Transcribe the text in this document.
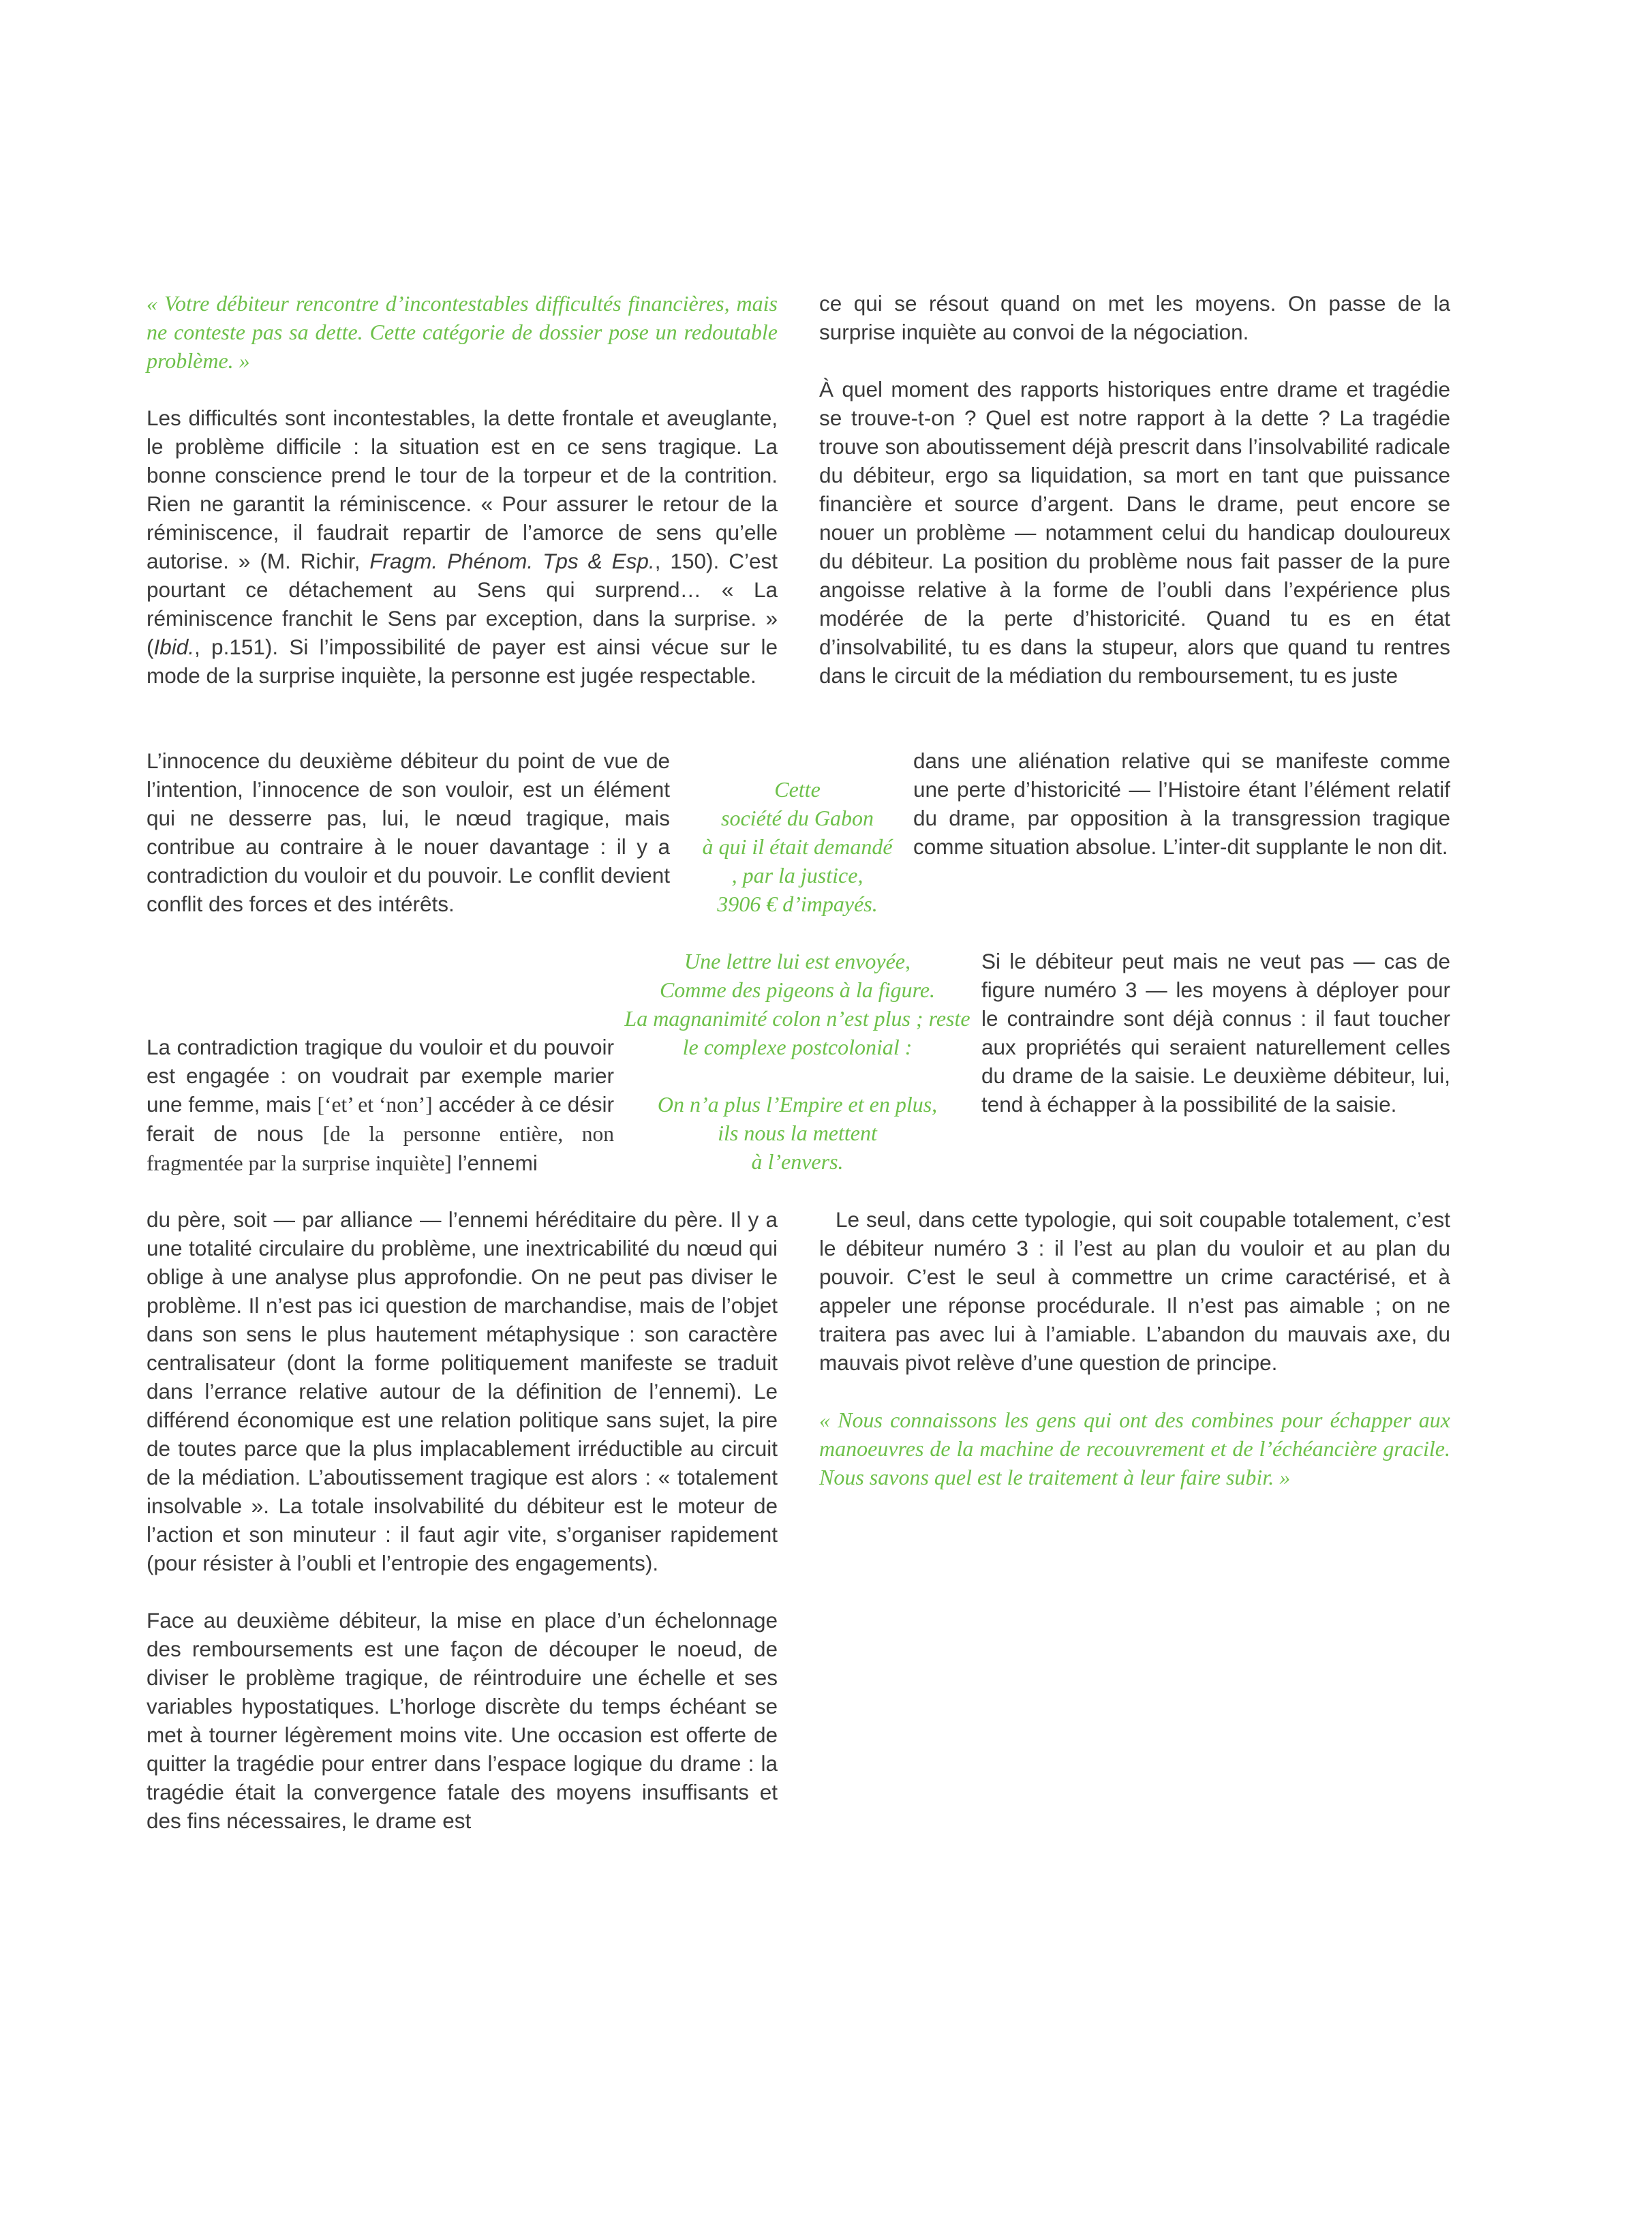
« Votre débiteur rencontre d’incontestables difficultés financières, mais ne conteste pas sa dette. Cette catégorie de dossier pose un redoutable problème. »

Les difficultés sont incontestables, la dette frontale et aveuglante, le problème difficile : la situation est en ce sens tragique. La bonne conscience prend le tour de la torpeur et de la contrition. Rien ne garantit la réminiscence. « Pour assurer le retour de la réminiscence, il faudrait repartir de l’amorce de sens qu’elle autorise. » (M. Richir, Fragm. Phénom. Tps & Esp., 150). C’est pourtant ce détachement au Sens qui surprend… « La réminiscence franchit le Sens par exception, dans la surprise. » (Ibid., p.151). Si l’impossibilité de payer est ainsi vécue sur le mode de la surprise inquiète, la personne est jugée respectable.

L’innocence du deuxième débiteur du point de vue de l’intention, l’innocence de son vouloir, est un élément qui ne desserre pas, lui, le nœud tragique, mais contribue au contraire à le nouer davantage : il y a contradiction du vouloir et du pouvoir. Le conflit devient conflit des forces et des intérêts.

La contradiction tragique du vouloir et du pouvoir est engagée : on voudrait par exemple marier une femme, mais [‘et’ et ‘non’] accéder à ce désir ferait de nous [de la personne entière, non fragmentée par la surprise inquiète] l’ennemi

du père, soit — par alliance — l’ennemi héréditaire du père. Il y a une totalité circulaire du problème, une inextricabilité du nœud qui oblige à une analyse plus approfondie. On ne peut pas diviser le problème. Il n’est pas ici question de marchandise, mais de l’objet dans son sens le plus hautement métaphysique : son caractère centralisateur (dont la forme politiquement manifeste se traduit dans l’errance relative autour de la définition de l’ennemi). Le différend économique est une relation politique sans sujet, la pire de toutes parce que la plus implacablement irréductible au circuit de la médiation. L’aboutissement tragique est alors : « totalement insolvable ». La totale insolvabilité du débiteur est le moteur de l’action et son minuteur : il faut agir vite, s’organiser rapidement (pour résister à l’oubli et l’entropie des engagements).

Face au deuxième débiteur, la mise en place d’un échelonnage des remboursements est une façon de découper le noeud, de diviser le problème tragique, de réintroduire une échelle et ses variables hypostatiques. L’horloge discrète du temps échéant se met à tourner légèrement moins vite. Une occasion est offerte de quitter la tragédie pour entrer dans l’espace logique du drame : la tragédie était la convergence fatale des moyens insuffisants et des fins nécessaires, le drame est

ce qui se résout quand on met les moyens. On passe de la surprise inquiète au convoi de la négociation.

À quel moment des rapports historiques entre drame et tragédie se trouve-t-on ? Quel est notre rapport à la dette ? La tragédie trouve son aboutissement déjà prescrit dans l’insolvabilité radicale du débiteur, ergo sa liquidation, sa mort en tant que puissance financière et source d’argent. Dans le drame, peut encore se nouer un problème — notamment celui du handicap douloureux du débiteur. La position du problème nous fait passer de la pure angoisse relative à la forme de l’oubli dans l’expérience plus modérée de la perte d’historicité. Quand tu es en état d’insolvabilité, tu es dans la stupeur, alors que quand tu rentres dans le circuit de la médiation du remboursement, tu es juste

dans une aliénation relative qui se manifeste comme une perte d’historicité — l’Histoire étant l’élément relatif du drame, par opposition à la transgression tragique comme situation absolue. L’inter-dit supplante le non dit.

Si le débiteur peut mais ne veut pas — cas de figure numéro 3 — les moyens à déployer pour le contraindre sont déjà connus : il faut toucher aux propriétés qui seraient naturellement celles du drame de la saisie. Le deuxième débiteur, lui, tend à échapper à la possibilité de la saisie.

Le seul, dans cette typologie, qui soit coupable totalement, c’est le débiteur numéro 3 : il l’est au plan du vouloir et au plan du pouvoir. C’est le seul à commettre un crime caractérisé, et à appeler une réponse procédurale. Il n’est pas aimable ; on ne traitera pas avec lui à l’amiable. L’abandon du mauvais axe, du mauvais pivot relève d’une question de principe.

« Nous connaissons les gens qui ont des combines pour échapper aux manoeuvres de la machine de recouvrement et de l’échéancière gracile. Nous savons quel est le traitement à leur faire subir. »

Cette

société du Gabon

à qui il était demandé

, par la justice,

3906 € d’impayés.

Une lettre lui est envoyée,

Comme des pigeons à la figure.

La magnanimité colon n’est plus ; reste

le complexe postcolonial :

On n’a plus l’Empire et en plus,

ils nous la mettent

à l’envers.
